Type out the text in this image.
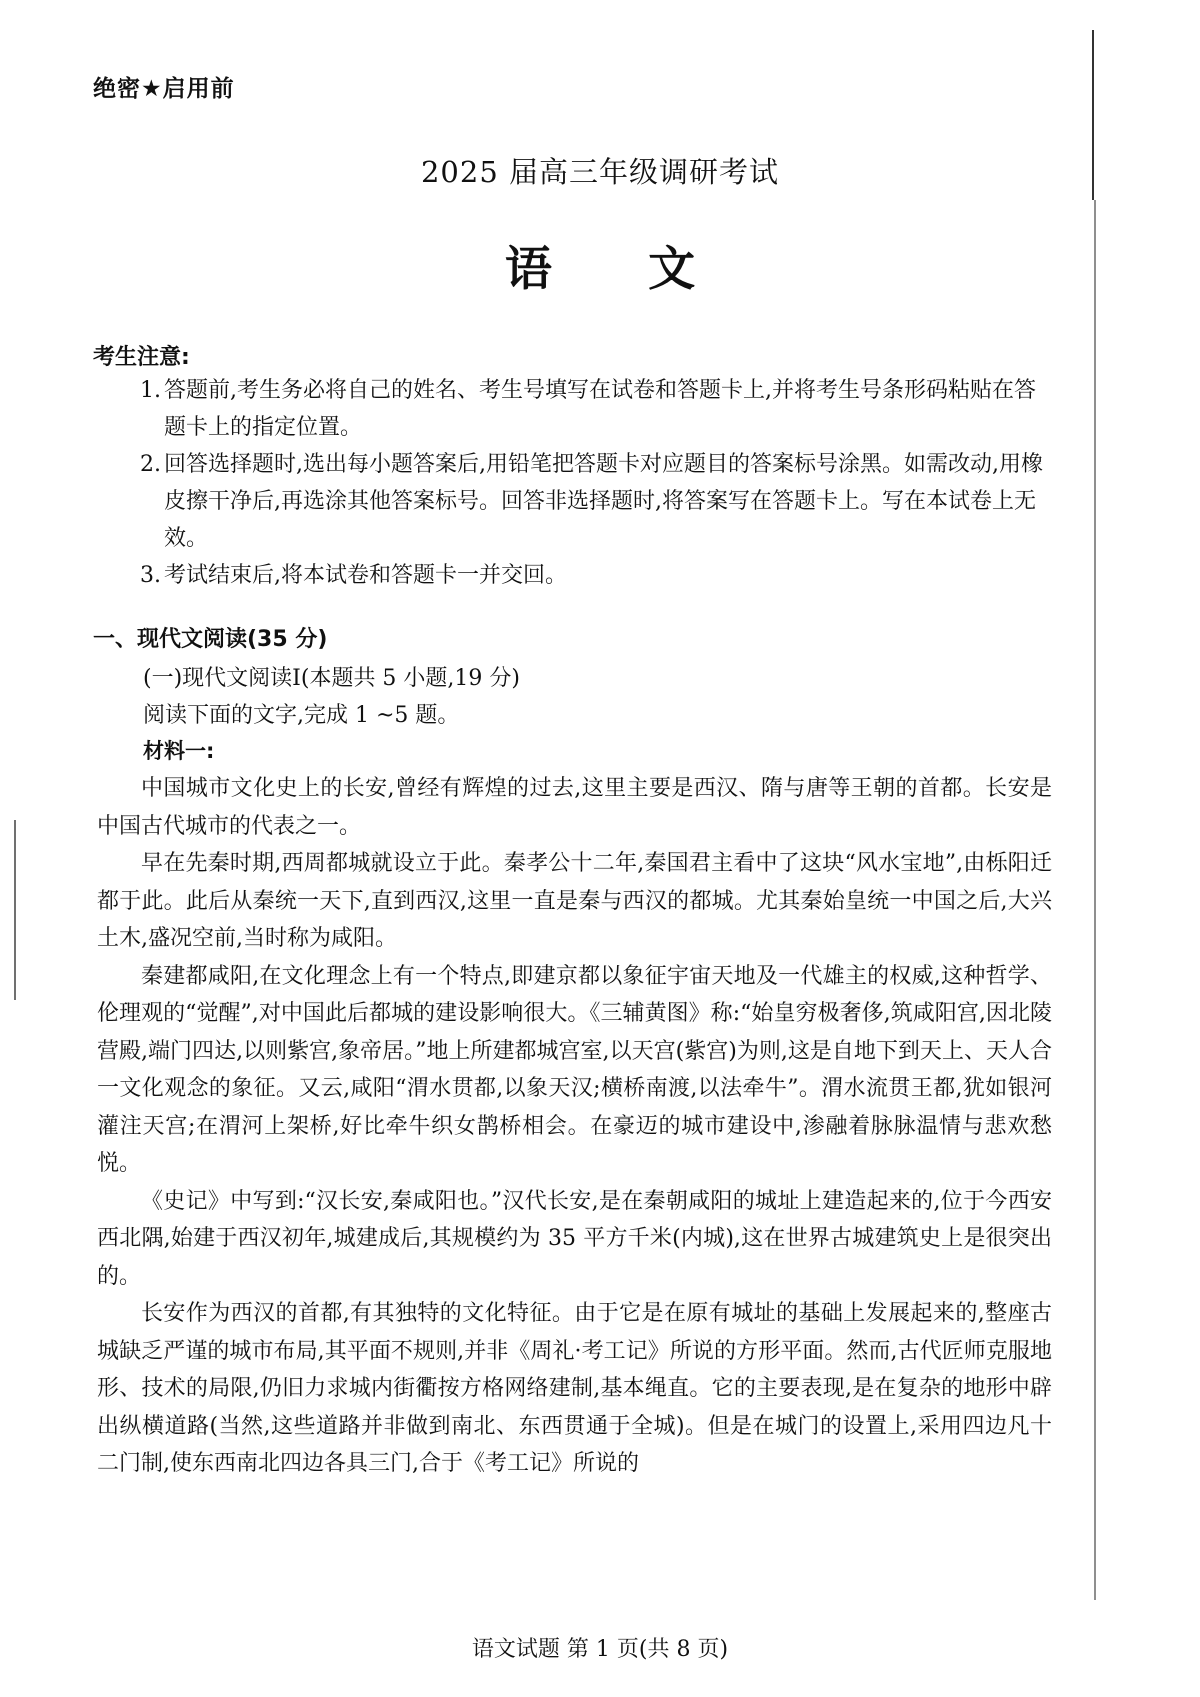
绝密★启用前
2025 届高三年级调研考试
语 文
考生注意:
1. 答题前,考生务必将自己的姓名、考生号填写在试卷和答题卡上,并将考生号条形码粘贴在答题卡上的指定位置。
2. 回答选择题时,选出每小题答案后,用铅笔把答题卡对应题目的答案标号涂黑。如需改动,用橡皮擦干净后,再选涂其他答案标号。回答非选择题时,将答案写在答题卡上。写在本试卷上无效。
3. 考试结束后,将本试卷和答题卡一并交回。
一、现代文阅读(35 分)
(一)现代文阅读Ⅰ(本题共 5 小题,19 分)
阅读下面的文字,完成 1 ~5 题。
材料一:

中国城市文化史上的长安,曾经有辉煌的过去,这里主要是西汉、隋与唐等王朝的首都。长安是中国古代城市的代表之一。

早在先秦时期,西周都城就设立于此。秦孝公十二年,秦国君主看中了这块“风水宝地”,由栎阳迁都于此。此后从秦统一天下,直到西汉,这里一直是秦与西汉的都城。尤其秦始皇统一中国之后,大兴土木,盛况空前,当时称为咸阳。

秦建都咸阳,在文化理念上有一个特点,即建京都以象征宇宙天地及一代雄主的权威,这种哲学、伦理观的“觉醒”,对中国此后都城的建设影响很大。《三辅黄图》称:“始皇穷极奢侈,筑咸阳宫,因北陵营殿,端门四达,以则紫宫,象帝居。”地上所建都城宫室,以天宫(紫宫)为则,这是自地下到天上、天人合一文化观念的象征。又云,咸阳“渭水贯都,以象天汉;横桥南渡,以法牵牛”。渭水流贯王都,犹如银河灌注天宫;在渭河上架桥,好比牵牛织女鹊桥相会。在豪迈的城市建设中,渗融着脉脉温情与悲欢愁悦。

《史记》中写到:“汉长安,秦咸阳也。”汉代长安,是在秦朝咸阳的城址上建造起来的,位于今西安西北隅,始建于西汉初年,城建成后,其规模约为 35 平方千米(内城),这在世界古城建筑史上是很突出的。

长安作为西汉的首都,有其独特的文化特征。由于它是在原有城址的基础上发展起来的,整座古城缺乏严谨的城市布局,其平面不规则,并非《周礼·考工记》所说的方形平面。然而,古代匠师克服地形、技术的局限,仍旧力求城内街衢按方格网络建制,基本绳直。它的主要表现,是在复杂的地形中辟出纵横道路(当然,这些道路并非做到南北、东西贯通于全城)。但是在城门的设置上,采用四边凡十二门制,使东西南北四边各具三门,合于《考工记》所说的

语文试题 第 1 页(共 8 页)
